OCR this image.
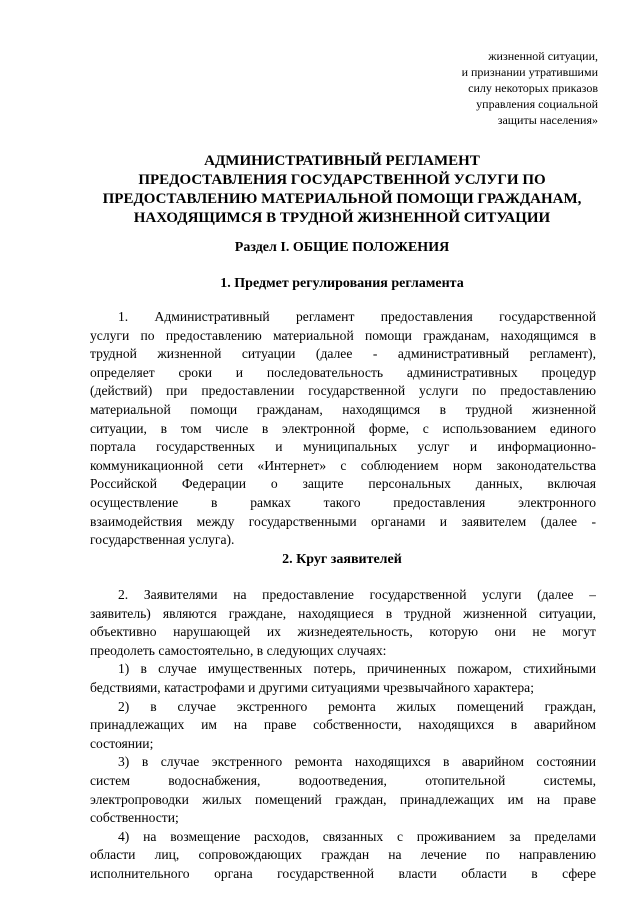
жизненной ситуации,
и признании утратившими
силу некоторых приказов
управления социальной
защиты населения»
АДМИНИСТРАТИВНЫЙ РЕГЛАМЕНТ
ПРЕДОСТАВЛЕНИЯ ГОСУДАРСТВЕННОЙ УСЛУГИ ПО
ПРЕДОСТАВЛЕНИЮ МАТЕРИАЛЬНОЙ ПОМОЩИ ГРАЖДАНАМ,
НАХОДЯЩИМСЯ В ТРУДНОЙ ЖИЗНЕННОЙ СИТУАЦИИ
Раздел I. ОБЩИЕ ПОЛОЖЕНИЯ
1. Предмет регулирования регламента
1. Административный регламент предоставления государственной
услуги по предоставлению материальной помощи гражданам, находящимся в
трудной жизненной ситуации (далее - административный регламент),
определяет сроки и последовательность административных процедур
(действий) при предоставлении государственной услуги по предоставлению
материальной помощи гражданам, находящимся в трудной жизненной
ситуации, в том числе в электронной форме, с использованием единого
портала государственных и муниципальных услуг и информационно-
коммуникационной сети «Интернет» с соблюдением норм законодательства
Российской Федерации о защите персональных данных, включая
осуществление в рамках такого предоставления электронного
взаимодействия между государственными органами и заявителем (далее -
государственная услуга).
2. Круг заявителей
2. Заявителями на предоставление государственной услуги (далее –
заявитель) являются граждане, находящиеся в трудной жизненной ситуации,
объективно нарушающей их жизнедеятельность, которую они не могут
преодолеть самостоятельно, в следующих случаях:
1) в случае имущественных потерь, причиненных пожаром, стихийными
бедствиями, катастрофами и другими ситуациями чрезвычайного характера;
2) в случае экстренного ремонта жилых помещений граждан,
принадлежащих им на праве собственности, находящихся в аварийном
состоянии;
3) в случае экстренного ремонта находящихся в аварийном состоянии
систем водоснабжения, водоотведения, отопительной системы,
электропроводки жилых помещений граждан, принадлежащих им на праве
собственности;
4) на возмещение расходов, связанных с проживанием за пределами
области лиц, сопровождающих граждан на лечение по направлению
исполнительного органа государственной власти области в сфере
